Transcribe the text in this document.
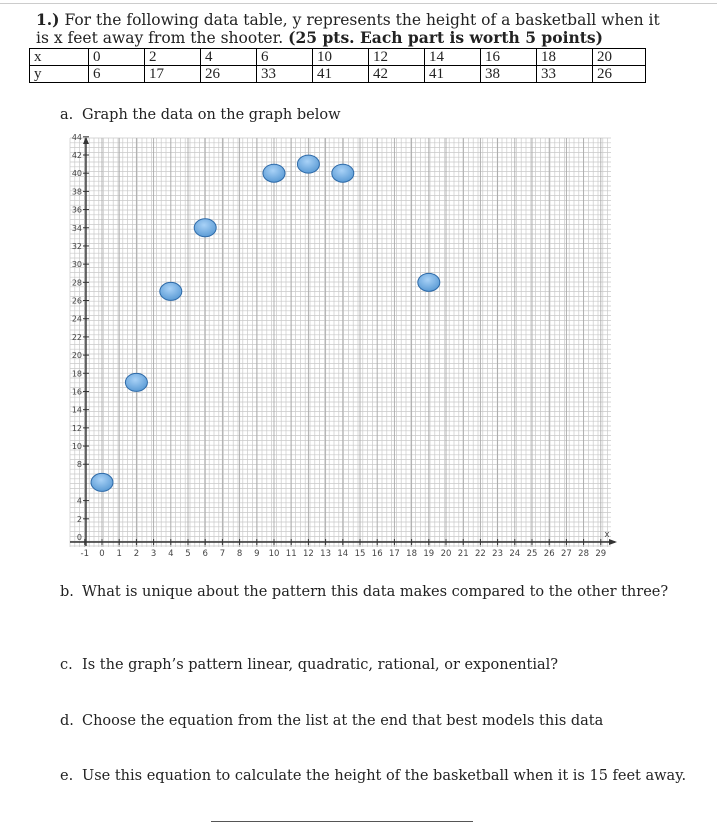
1.) For the following data table, y represents the height of a basketball when it is x feet away from the shooter. (25 pts. Each part is worth 5 points)
x	0	2	4	6	10	12	14	16	18	20
y	6	17	26	33	41	42	41	38	33	26
a. Graph the data on the graph below
2
4
8
10
12
14
16
18
20
22
24
26
28
30
32
34
36
38
40
42
44
0
-1 0 1 2 3 4 5 6 7 8 9 10 11 12 13 14 15 16 17 18 19 20 21 22 23 24 25 26 27 28 29
x
b. What is unique about the pattern this data makes compared to the other three?
c. Is the graph’s pattern linear, quadratic, rational, or exponential?
d. Choose the equation from the list at the end that best models this data
e. Use this equation to calculate the height of the basketball when it is 15 feet away.
